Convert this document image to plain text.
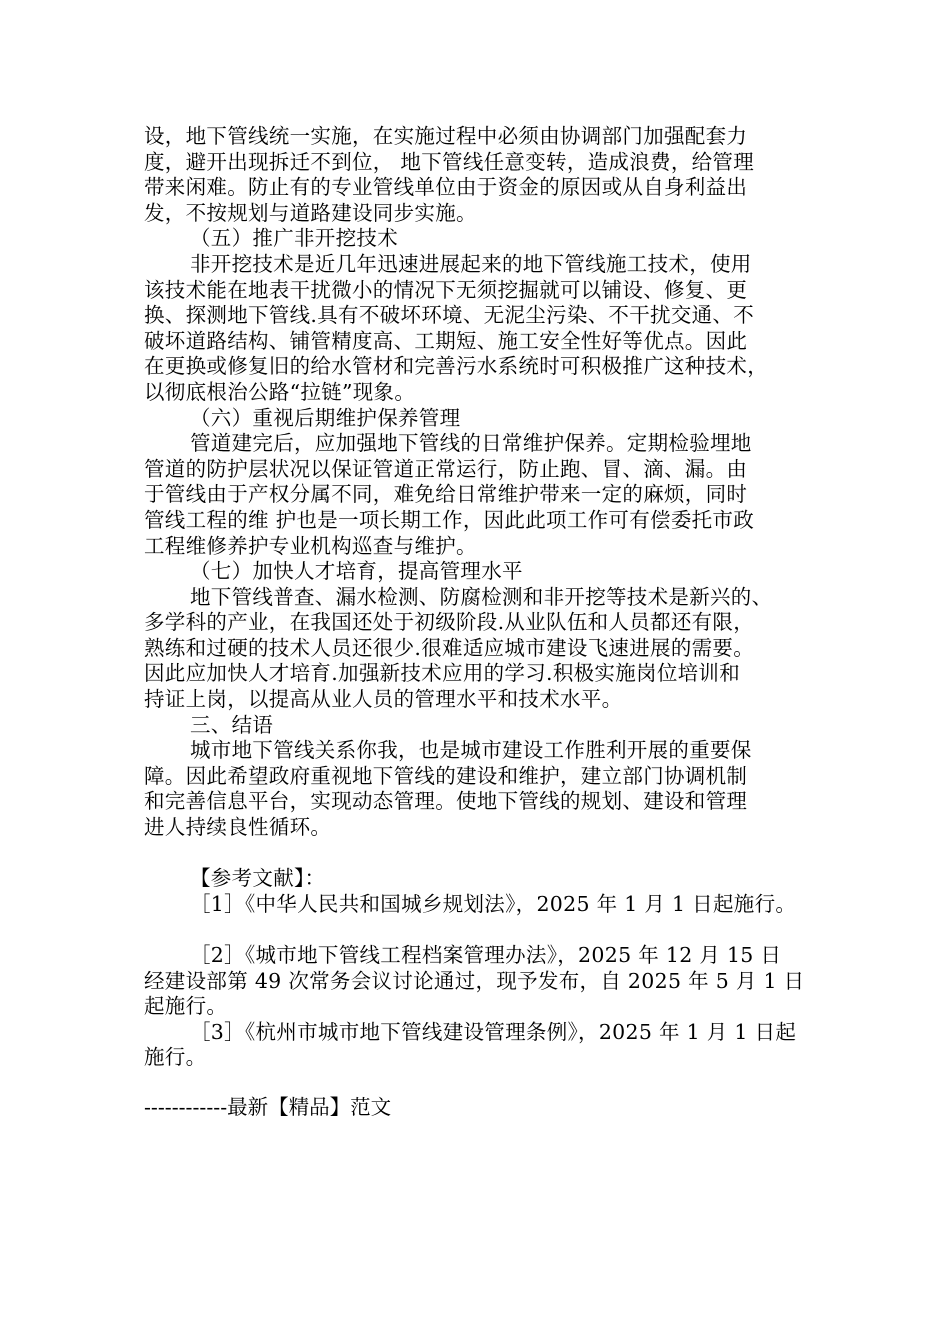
设，地下管线统一实施，在实施过程中必须由协调部门加强配套力
度，避开出现拆迁不到位， 地下管线任意变转，造成浪费，给管理
带来闲难。防止有的专业管线单位由于资金的原因或从自身利益出
发，不按规划与道路建设同步实施。
（五）推广非开挖技术
非开挖技术是近几年迅速进展起来的地下管线施工技术，使用
该技术能在地表干扰微小的情况下无须挖掘就可以铺设、修复、更
换、探测地下管线.具有不破坏环境、无泥尘污染、不干扰交通、不
破坏道路结构、铺管精度高、工期短、施工安全性好等优点。因此
在更换或修复旧的给水管材和完善污水系统时可积极推广这种技术，
以彻底根治公路“拉链”现象。
（六）重视后期维护保养管理
管道建完后，应加强地下管线的日常维护保养。定期检验埋地
管道的防护层状况以保证管道正常运行，防止跑、冒、滴、漏。由
于管线由于产权分属不同，难免给日常维护带来一定的麻烦，同时
管线工程的维 护也是一项长期工作，因此此项工作可有偿委托市政
工程维修养护专业机构巡查与维护。
（七）加快人才培育，提高管理水平
地下管线普查、漏水检测、防腐检测和非开挖等技术是新兴的、
多学科的产业，在我国还处于初级阶段.从业队伍和人员都还有限，
熟练和过硬的技术人员还很少.很难适应城市建设飞速进展的需要。
因此应加快人才培育.加强新技术应用的学习.积极实施岗位培训和
持证上岗，以提高从业人员的管理水平和技术水平。
三、结语
城市地下管线关系你我，也是城市建设工作胜利开展的重要保
障。因此希望政府重视地下管线的建设和维护，建立部门协调机制
和完善信息平台，实现动态管理。使地下管线的规划、建设和管理
进人持续良性循环。
【参考文献】：
［1］《中华人民共和国城乡规划法》，2025 年 1 月 1 日起施行。
［2］《城市地下管线工程档案管理办法》，2025 年 12 月 15 日
经建设部第 49 次常务会议讨论通过，现予发布，自 2025 年 5 月 1 日
起施行。
［3］《杭州市城市地下管线建设管理条例》，2025 年 1 月 1 日起
施行。
------------最新【精品】范文
